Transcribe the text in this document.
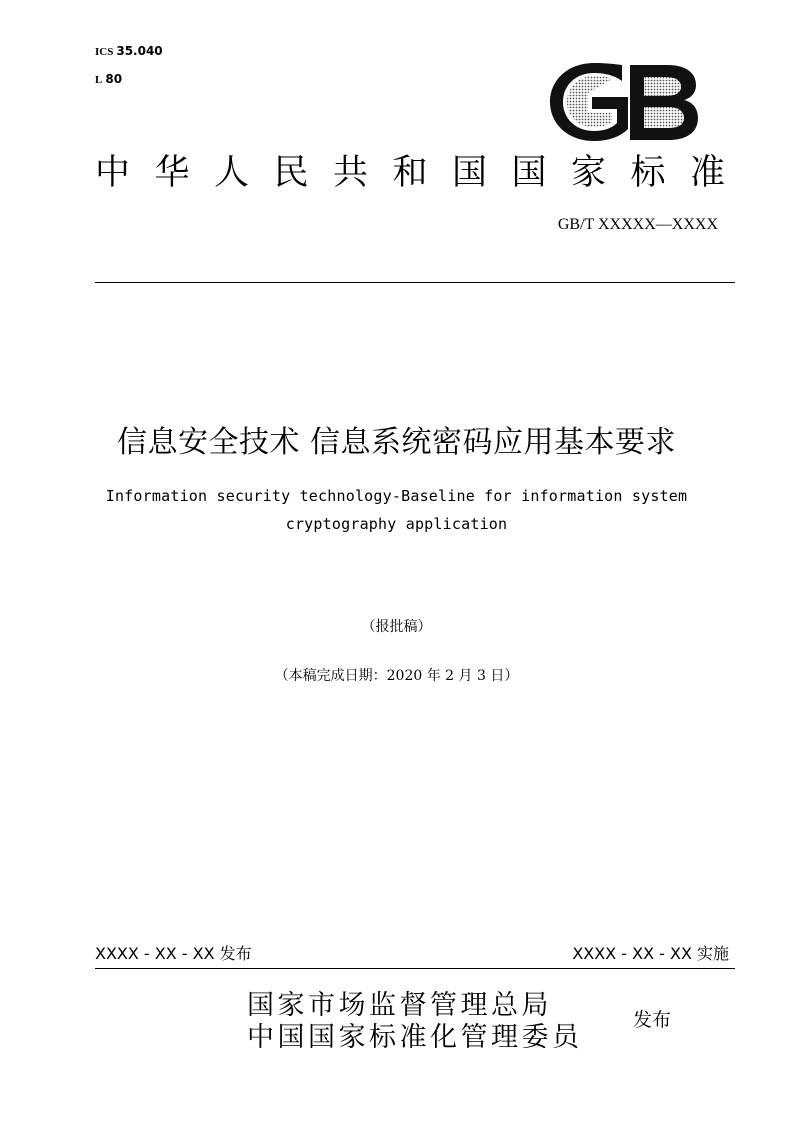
ICS 35.040
L 80
中华人民共和国国家标准
GB/T XXXXX—XXXX
信息安全技术 信息系统密码应用基本要求
Information security technology-Baseline for information system
cryptography application
（报批稿）
（本稿完成日期：2020 年 2 月 3 日）
XXXX - XX - XX 发布	XXXX - XX - XX 实施
国家市场监督管理总局
中国国家标准化管理委员
发布
